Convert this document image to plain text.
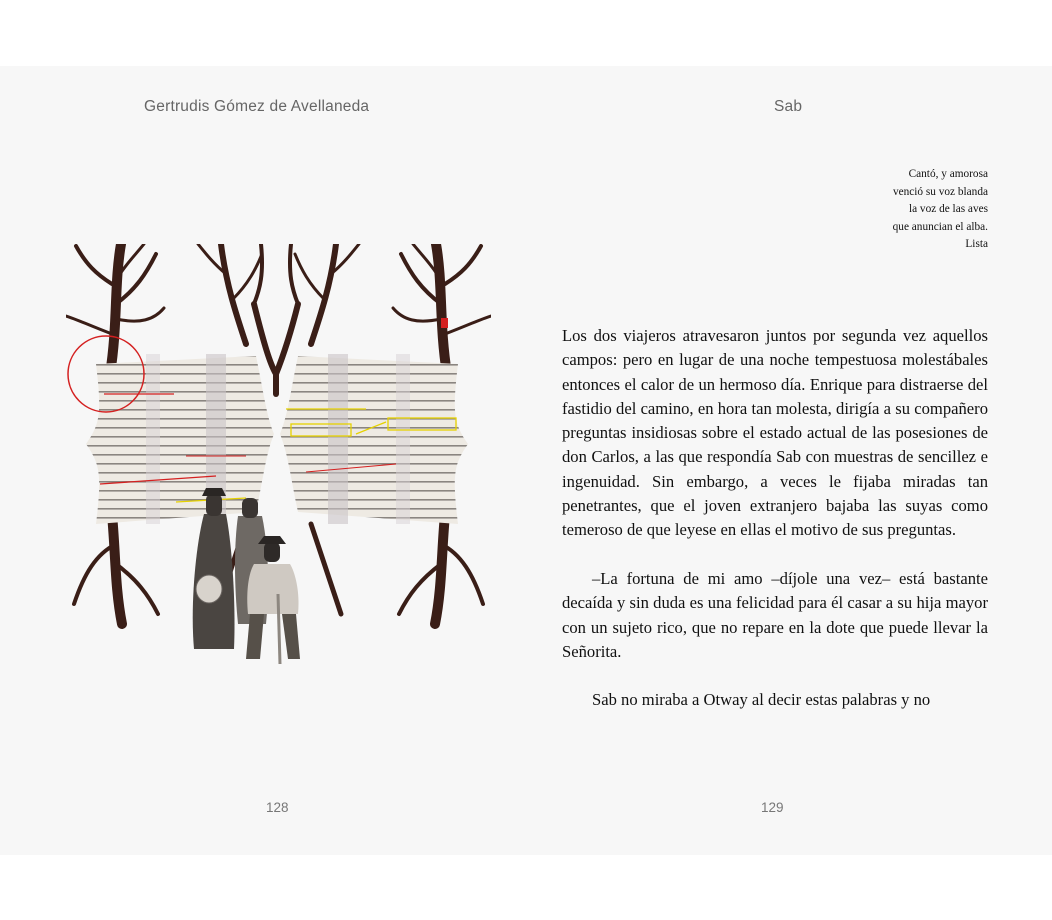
Gertrudis Gómez de Avellaneda
128
Sab
Cantó, y amorosa
venció su voz blanda
la voz de las aves
que anuncian el alba.
Lista

Los dos viajeros atravesaron juntos por segunda vez aquellos campos: pero en lugar de una noche tempestuosa molestábales entonces el calor de un hermoso día. Enrique para distraerse del fastidio del camino, en hora tan molesta, dirigía a su compañero preguntas insidiosas sobre el estado actual de las posesiones de don Carlos, a las que respondía Sab con muestras de sencillez e ingenuidad. Sin embargo, a veces le fijaba miradas tan penetrantes, que el joven extranjero bajaba las suyas como temeroso de que leyese en ellas el motivo de sus preguntas.

–La fortuna de mi amo –díjole una vez– está bastante decaída y sin duda es una felicidad para él casar a su hija mayor con un sujeto rico, que no repare en la dote que puede llevar la Señorita.

Sab no miraba a Otway al decir estas palabras y no

129
